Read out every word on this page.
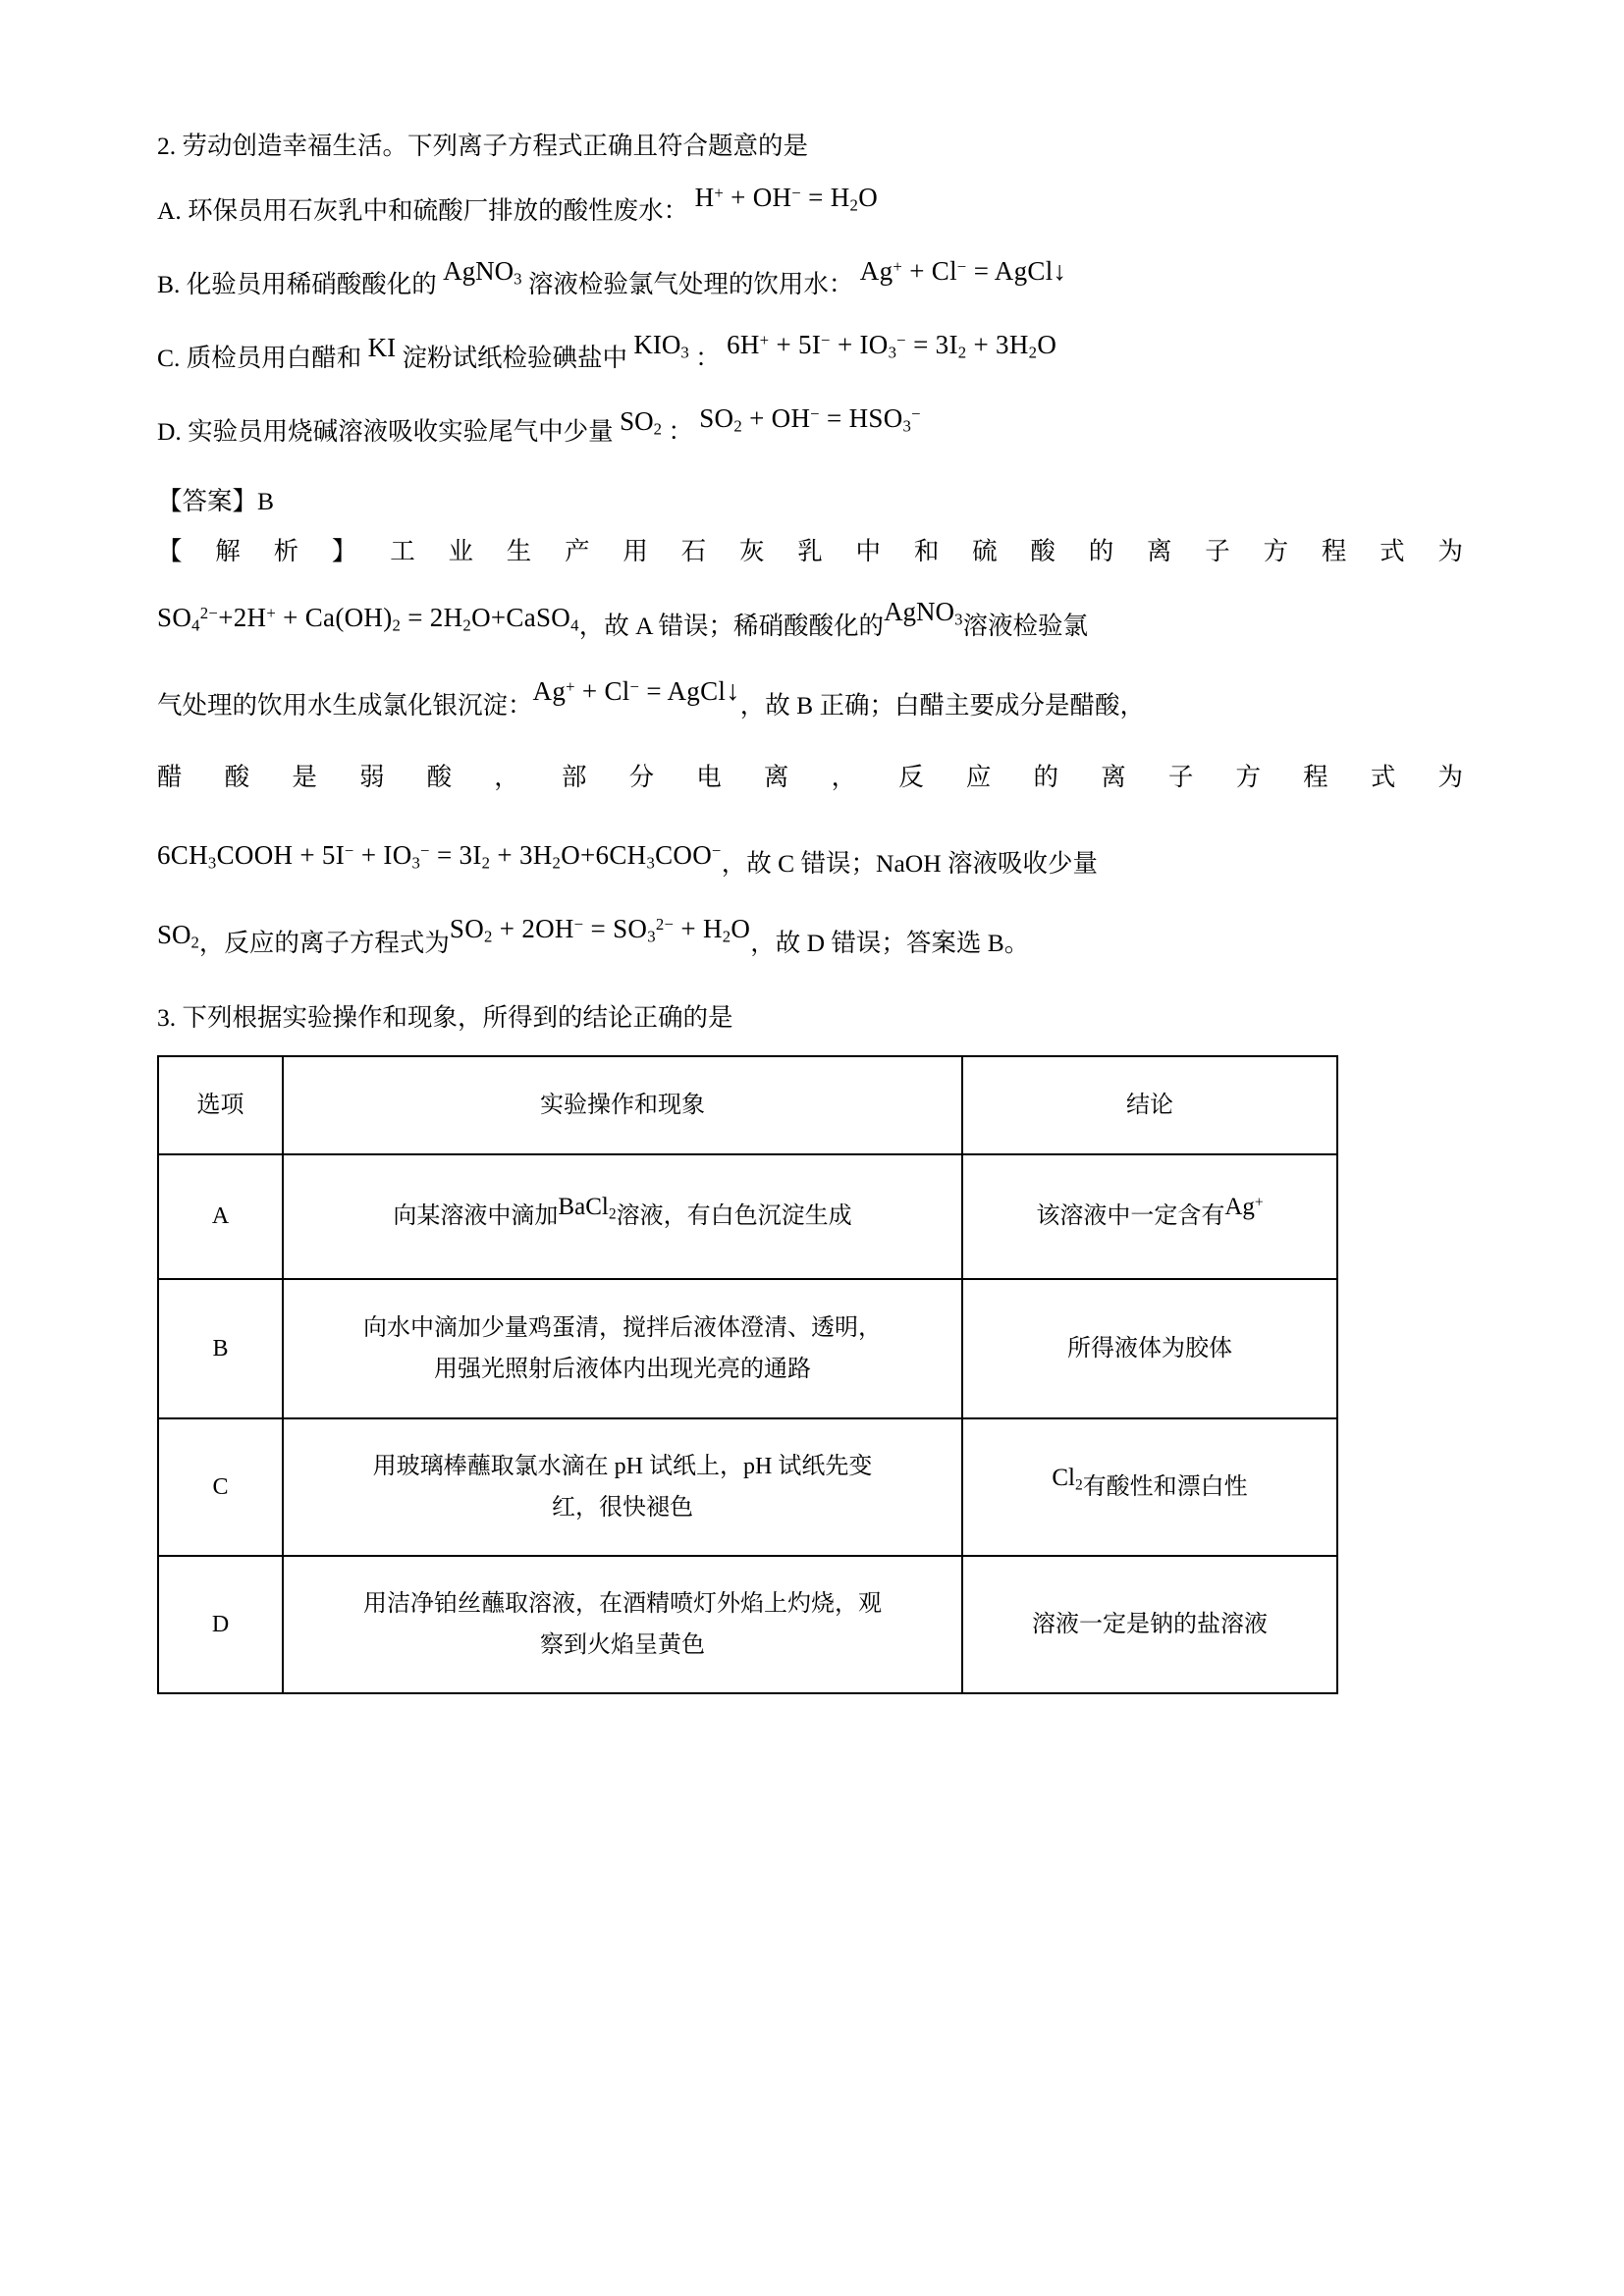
2. 劳动创造幸福生活。下列离子方程式正确且符合题意的是
A. 环保员用石灰乳中和硫酸厂排放的酸性废水： $H^+ + OH^- = H_2O$
B. 化验员用稀硝酸酸化的 AgNO$_3$ 溶液检验氯气处理的饮用水： Ag+ + Cl− = AgCl↓
C. 质检员用白醋和 KI 淀粉试纸检验碘盐中 $KIO_3$ ： $6H^+ + 5I^- + IO_3^- = 3I_2 + 3H_2O$
D. 实验员用烧碱溶液吸收实验尾气中少量 $SO_2$ ： $SO_2 + OH^- = HSO_3^-$
【答案】B
【解析】工业生产用石灰乳中和硫酸的离子方程式为
$SO_4^{2-}+2H^+ + Ca(OH)_2$ = $2H_2O+CaSO_4$，故 A 错误；稀硝酸酸化的AgNO$_3$溶液检验氯
气处理的饮用水生成氯化银沉淀：Ag+ + Cl− = AgCl↓，故 B 正确；白醋主要成分是醋酸，
醋酸是弱酸，部分电离，反应的离子方程式为
$6CH_3COOH + 5I^- + IO_3^- = 3I_2 + 3H_2O+6CH_3COO^-$，故 C 错误；NaOH 溶液吸收少量
$SO_2$，反应的离子方程式为$SO_2 + 2OH^- = SO_3^{2-} + H_2O$，故 D 错误；答案选 B。
3. 下列根据实验操作和现象，所得到的结论正确的是
选项	实验操作和现象	结论
A	向某溶液中滴加BaCl$_2$溶液，有白色沉淀生成	该溶液中一定含有Ag+
B	向水中滴加少量鸡蛋清，搅拌后液体澄清、透明，
用强光照射后液体内出现光亮的通路	所得液体为胶体
C	用玻璃棒蘸取氯水滴在 pH 试纸上，pH 试纸先变
红，很快褪色	$Cl_2$有酸性和漂白性
D	用洁净铂丝蘸取溶液，在酒精喷灯外焰上灼烧，观
察到火焰呈黄色	溶液一定是钠的盐溶液
